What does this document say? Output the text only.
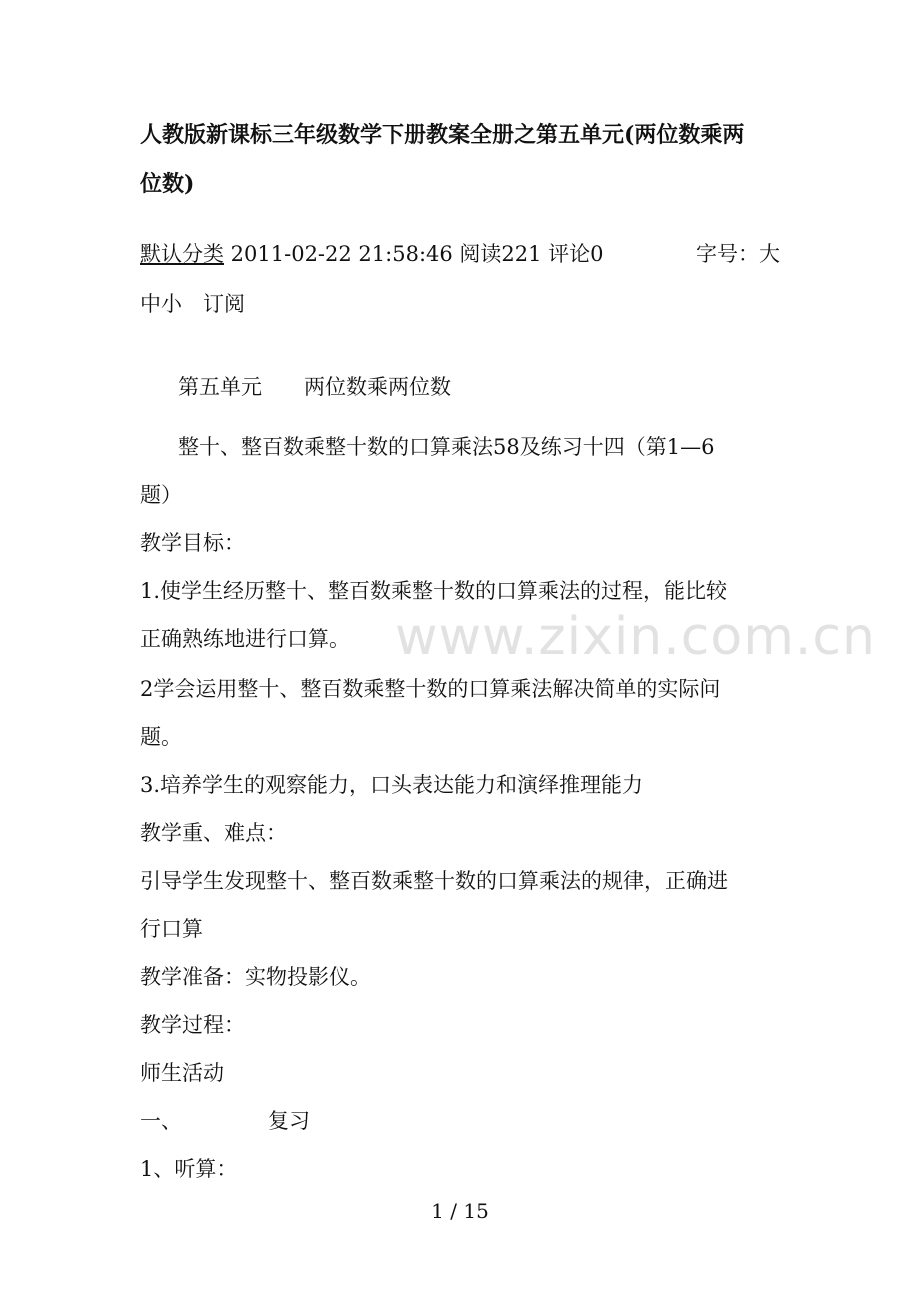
人教版新课标三年级数学下册教案全册之第五单元(两位数乘两
位数)
默认分类 2011-02-22 21:58:46 阅读221 评论0	字号：大
中小　订阅
第五单元　　两位数乘两位数
整十、整百数乘整十数的口算乘法58及练习十四（第1—6
题）
教学目标：
1.使学生经历整十、整百数乘整十数的口算乘法的过程，能比较
正确熟练地进行口算。
2学会运用整十、整百数乘整十数的口算乘法解决简单的实际问
题。
3.培养学生的观察能力，口头表达能力和演绎推理能力
教学重、难点：
引导学生发现整十、整百数乘整十数的口算乘法的规律，正确进
行口算
教学准备：实物投影仪。
教学过程：
师生活动
一、	复习
1、听算：
www.zixin.com.cn
1 / 15
